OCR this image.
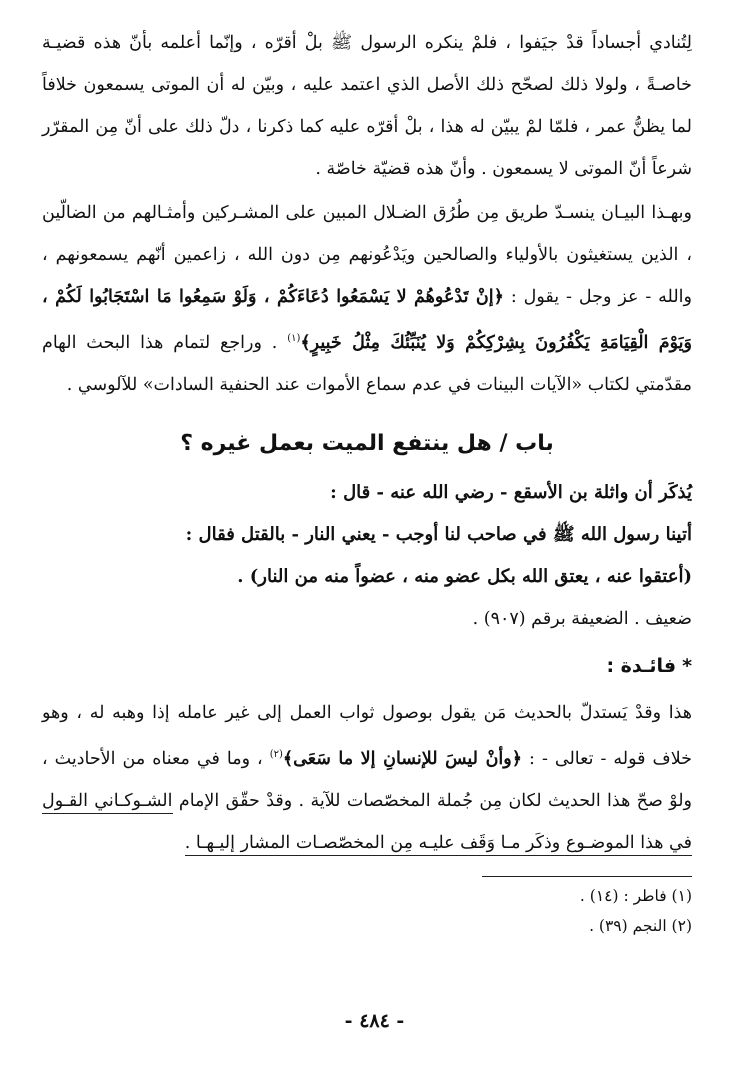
لِتُنادي أجساداً قدْ جيَفوا ، فلمْ ينكره الرسول ﷺ بلْ أقرّه ، وإنّما أعلمه بأنّ هذه قضيـة خاصـةً ، ولولا ذلك لصحّح ذلك الأصل الذي اعتمد عليه ، وبيّن له أن الموتى يسمعون خلافاً لما يظنُّ عمر ، فلمّا لمْ يبيّن له هذا ، بلْ أقرّه عليه كما ذكرنا ، دلّ ذلك على أنّ مِن المقرّر شرعاً أنّ الموتى لا يسمعون . وأنّ هذه قضيّة خاصّة .

وبهـذا البيـان ينسـدّ طريق مِن طُرُق الضـلال المبين على المشـركين وأمثـالهم من الضالّين ، الذين يستغيثون بالأولياء والصالحين ويَدْعُونهم مِن دون الله ، زاعمين أنّهم يسمعونهم ، والله - عز وجل - يقول : ﴿إنْ تَدْعُوهُمْ لا يَسْمَعُوا دُعَاءَكُمْ ، وَلَوْ سَمِعُوا مَا اسْتَجَابُوا لَكُمْ ، وَيَوْمَ الْقِيَامَةِ يَكْفُرُونَ بِشِرْكِكُمْ وَلا يُنَبِّئُكَ مِثْلُ خَبِيرٍ﴾$^{(١)}$ . وراجع لتمام هذا البحث الهام مقدّمتي لكتاب «الآيات البينات في عدم سماع الأموات عند الحنفية السادات» للآلوسي .

باب / هل ينتفع الميت بعمل غيره ؟

يُذكَر أن واثلة بن الأسقع - رضي الله عنه - قال :

أتينا رسول الله ﷺ في صاحب لنا أوجب - يعني النار - بالقتل فقال :

(أعتقوا عنه ، يعتق الله بكل عضو منه ، عضواً منه من النار) .

ضعيف . الضعيفة برقم (٩٠٧) .

*فائـدة :

هذا وقدْ يَستدلّ بالحديث مَن يقول بوصول ثواب العمل إلى غير عامله إذا وهبه له ، وهو خلاف قوله - تعالى - : ﴿وأنْ ليسَ للإنسانِ إلا ما سَعَى﴾$^{(٢)}$ ، وما في معناه من الأحاديث ، ولوْ صحّ هذا الحديث لكان مِن جُملة المخصّصات للآية . وقدْ حقّق الإمام الشـوكـاني القـول في هذا الموضـوع وذكَر مـا وَقَف عليـه مِن المخصّصـات المشار إليـهـا .

(١) فاطر : (١٤) .

(٢) النجم (٣٩) .

- ٤٨٤ -
